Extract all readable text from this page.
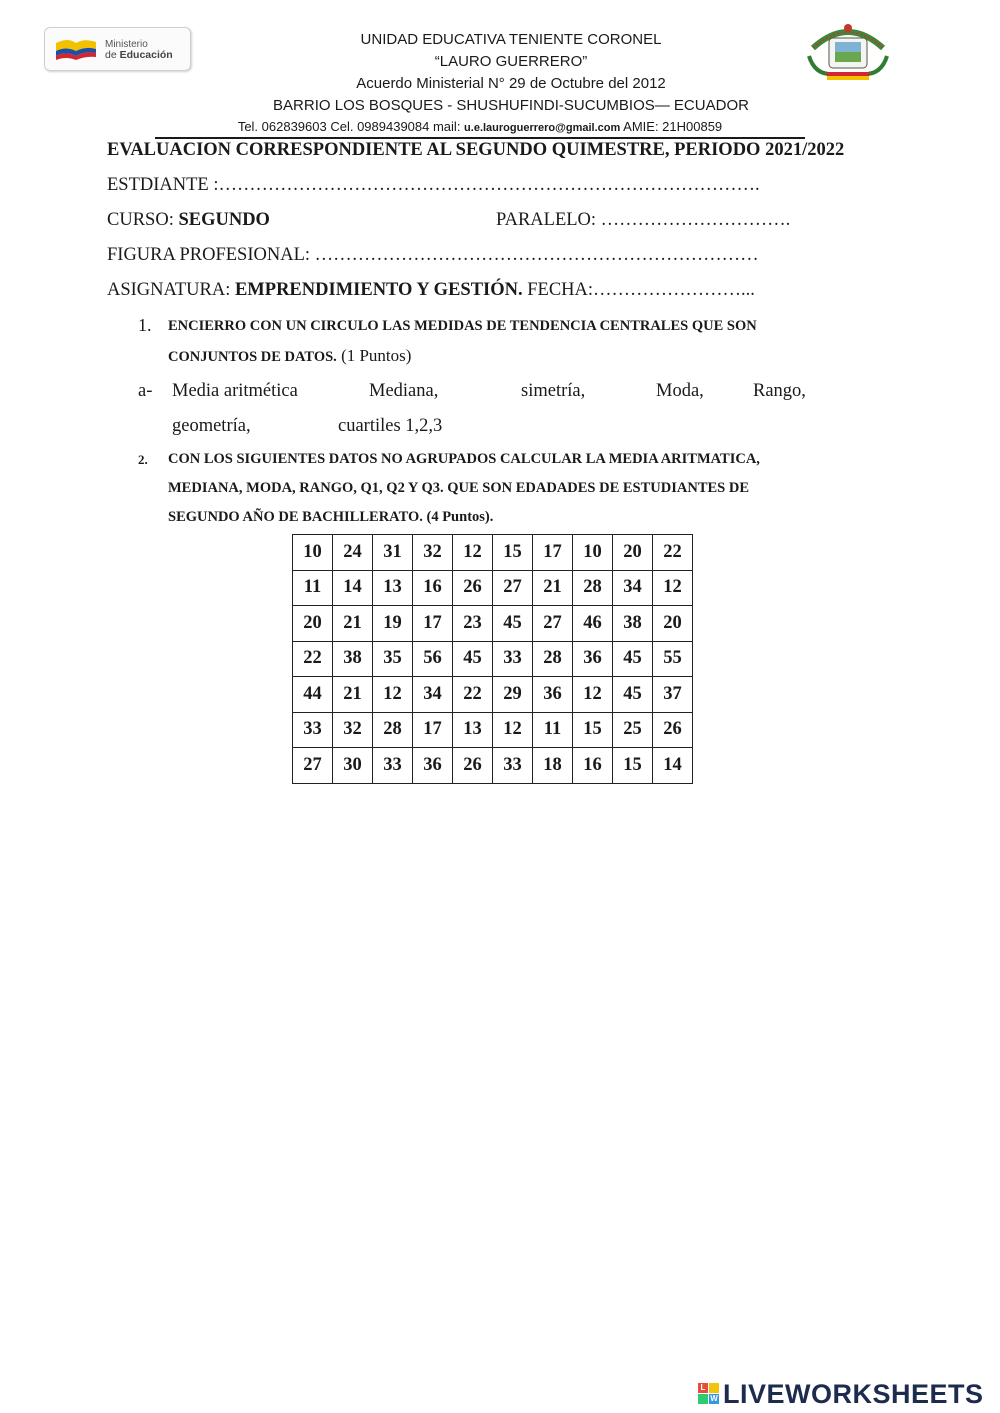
Ministerio
de Educación
UNIDAD EDUCATIVA TENIENTE CORONEL
“LAURO GUERRERO”
Acuerdo Ministerial N° 29 de Octubre del 2012
BARRIO LOS BOSQUES - SHUSHUFINDI-SUCUMBIOS— ECUADOR
Tel. 062839603 Cel. 0989439084 mail: u.e.lauroguerrero@gmail.com AMIE: 21H00859
EVALUACION CORRESPONDIENTE AL SEGUNDO QUIMESTRE, PERIODO 2021/2022
ESTDIANTE :…………………………………………………………………………….
CURSO: SEGUNDO	PARALELO: ………………………….
FIGURA PROFESIONAL: ………………………………………………………………
ASIGNATURA: EMPRENDIMIENTO Y GESTIÓN. FECHA:……………………...
1. ENCIERRO CON UN CIRCULO LAS MEDIDAS DE TENDENCIA CENTRALES QUE SON
CONJUNTOS DE DATOS. (1 Puntos)
a- Media aritmética	Mediana,	simetría,	Moda,	Rango,
geometría,	cuartiles 1,2,3
2. CON LOS SIGUIENTES DATOS NO AGRUPADOS CALCULAR LA MEDIA ARITMATICA,
MEDIANA, MODA, RANGO, Q1, Q2 Y Q3. QUE SON EDADADES DE ESTUDIANTES DE
SEGUNDO AÑO DE BACHILLERATO. (4 Puntos).
10	24	31	32	12	15	17	10	20	22
11	14	13	16	26	27	21	28	34	12
20	21	19	17	23	45	27	46	38	20
22	38	35	56	45	33	28	36	45	55
44	21	12	34	22	29	36	12	45	37
33	32	28	17	13	12	11	15	25	26
27	30	33	36	26	33	18	16	15	14
L
W LIVEWORKSHEETS
